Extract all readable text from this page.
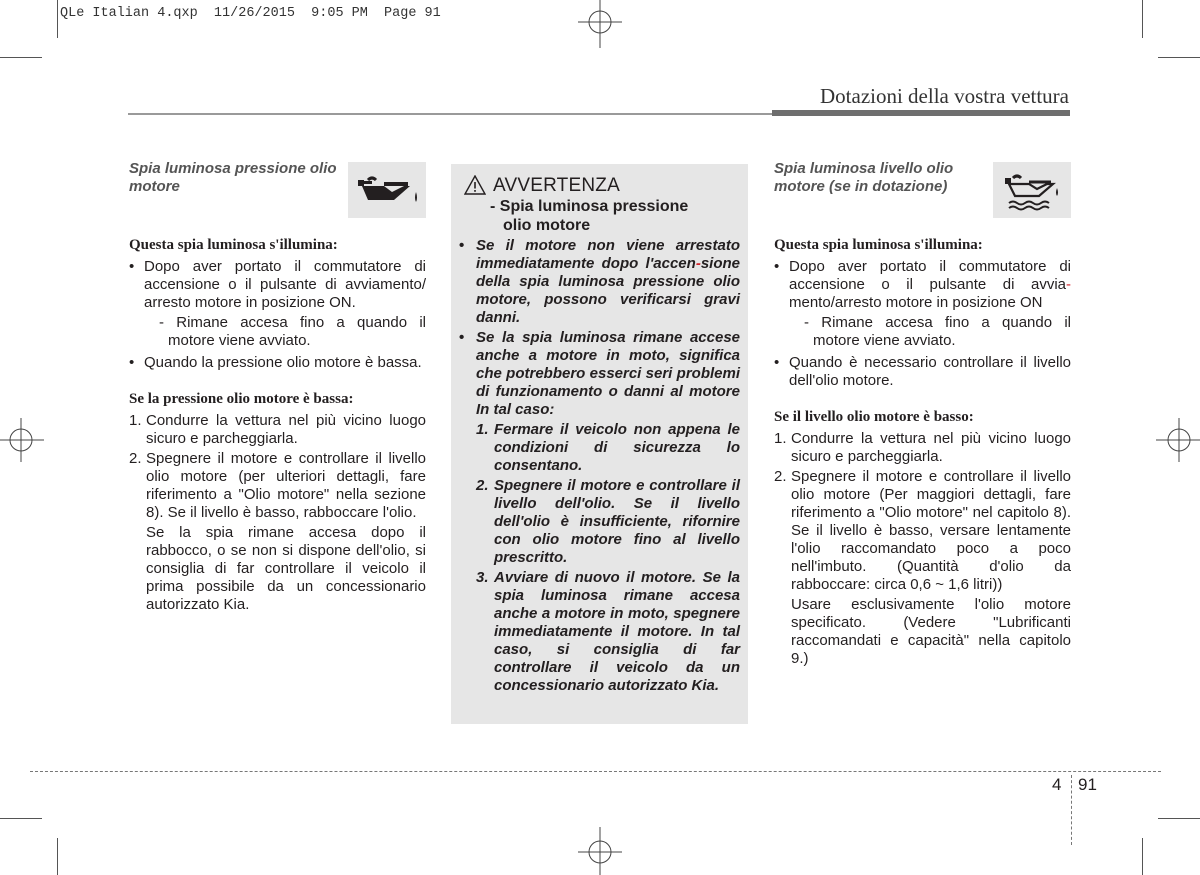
QLe Italian 4.qxp  11/26/2015  9:05 PM  Page 91
Dotazioni della vostra vettura
Spia luminosa pressione olio motore
Questa spia luminosa s'illumina:
• Dopo aver portato il commutatore di accensione o il pulsante di avviamento/ arresto motore in posizione ON.
- Rimane accesa fino a quando il motore viene avviato.
• Quando la pressione olio motore è bassa.
Se la pressione olio motore è bassa:
1. Condurre la vettura nel più vicino luogo sicuro e parcheggiarla.
2. Spegnere il motore e controllare il livello olio motore (per ulteriori dettagli, fare riferimento a "Olio motore" nella sezione 8). Se il livello è basso, rabboccare l'olio.

Se la spia rimane accesa dopo il rabbocco, o se non si dispone dell'olio, si consiglia di far controllare il veicolo il prima possibile da un concessionario autorizzato Kia.

AVVERTENZA
- Spia luminosa pressione
olio motore
• Se il motore non viene arrestato immediatamente dopo l'accen-sione della spia luminosa pressione olio motore, possono verificarsi gravi danni.
• Se la spia luminosa rimane accese anche a motore in moto, significa che potrebbero esserci seri problemi di funzionamento o danni al motore In tal caso:
1. Fermare il veicolo non appena le condizioni di sicurezza lo consentano.
2. Spegnere il motore e controllare il livello dell'olio. Se il livello dell'olio è insufficiente, rifornire con olio motore fino al livello prescritto.
3. Avviare di nuovo il motore. Se la spia luminosa rimane accesa anche a motore in moto, spegnere immediatamente il motore. In tal caso, si consiglia di far controllare il veicolo da un concessionario autorizzato Kia.
Spia luminosa livello olio motore (se in dotazione)
Questa spia luminosa s'illumina:
• Dopo aver portato il commutatore di accensione o il pulsante di avvia-mento/arresto motore in posizione ON
- Rimane accesa fino a quando il motore viene avviato.
• Quando è necessario controllare il livello dell'olio motore.
Se il livello olio motore è basso:
1. Condurre la vettura nel più vicino luogo sicuro e parcheggiarla.
2. Spegnere il motore e controllare il livello olio motore (Per maggiori dettagli, fare riferimento a "Olio motore" nel capitolo 8). Se il livello è basso, versare lentamente l'olio raccomandato poco a poco nell'imbuto. (Quantità d'olio da rabboccare: circa 0,6 ~ 1,6 litri))

Usare esclusivamente l'olio motore specificato. (Vedere "Lubrificanti raccomandati e capacità" nella capitolo 9.)

4 91
